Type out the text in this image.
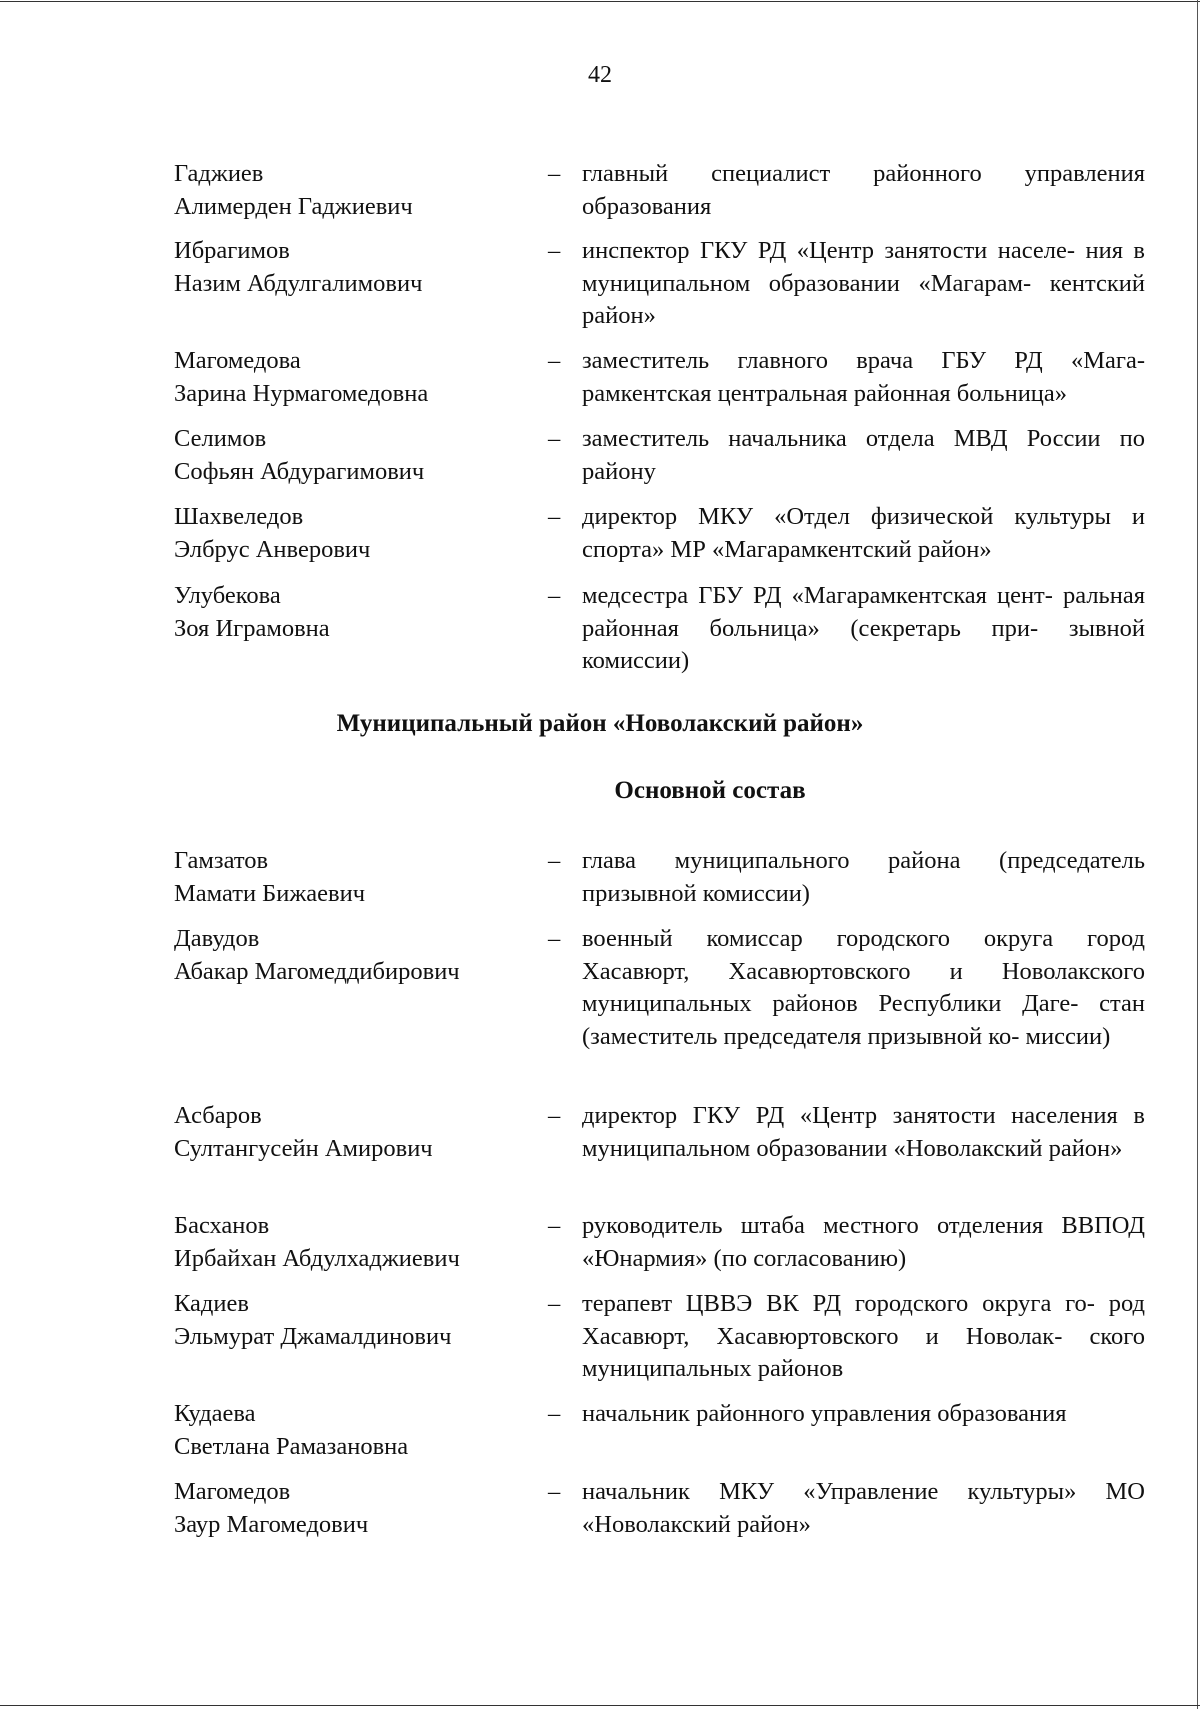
42
Гаджиев
Алимерден Гаджиевич
– главный специалист районного управления образования
Ибрагимов
Назим Абдулгалимович
– инспектор ГКУ РД «Центр занятости населе- ния в муниципальном образовании «Магарам- кентский район»
Магомедова
Зарина Нурмагомедовна
– заместитель главного врача ГБУ РД «Мага- рамкентская центральная районная больница»
Селимов
Софьян Абдурагимович
– заместитель начальника отдела МВД России по району
Шахвеледов
Элбрус Анверович
– директор МКУ «Отдел физической культуры и спорта» МР «Магарамкентский район»
Улубекова
Зоя Играмовна
– медсестра ГБУ РД «Магарамкентская цент- ральная районная больница» (секретарь при- зывной комиссии)
Муниципальный район «Новолакский район»
Основной состав
Гамзатов
Мамати Бижаевич
– глава муниципального района (председатель призывной комиссии)
Давудов
Абакар Магомеддибирович
– военный комиссар городского округа город Хасавюрт, Хасавюртовского и Новолакского муниципальных районов Республики Даге- стан (заместитель председателя призывной ко- миссии)
Асбаров
Султангусейн Амирович
– директор ГКУ РД «Центр занятости населения в муниципальном образовании «Новолакский район»
Басханов
Ирбайхан Абдулхаджиевич
– руководитель штаба местного отделения ВВПОД «Юнармия» (по согласованию)
Кадиев
Эльмурат Джамалдинович
– терапевт ЦВВЭ ВК РД городского округа го- род Хасавюрт, Хасавюртовского и Новолак- ского муниципальных районов
Кудаева
Светлана Рамазановна
– начальник районного управления образования
Магомедов
Заур Магомедович
– начальник МКУ «Управление культуры» МО «Новолакский район»
